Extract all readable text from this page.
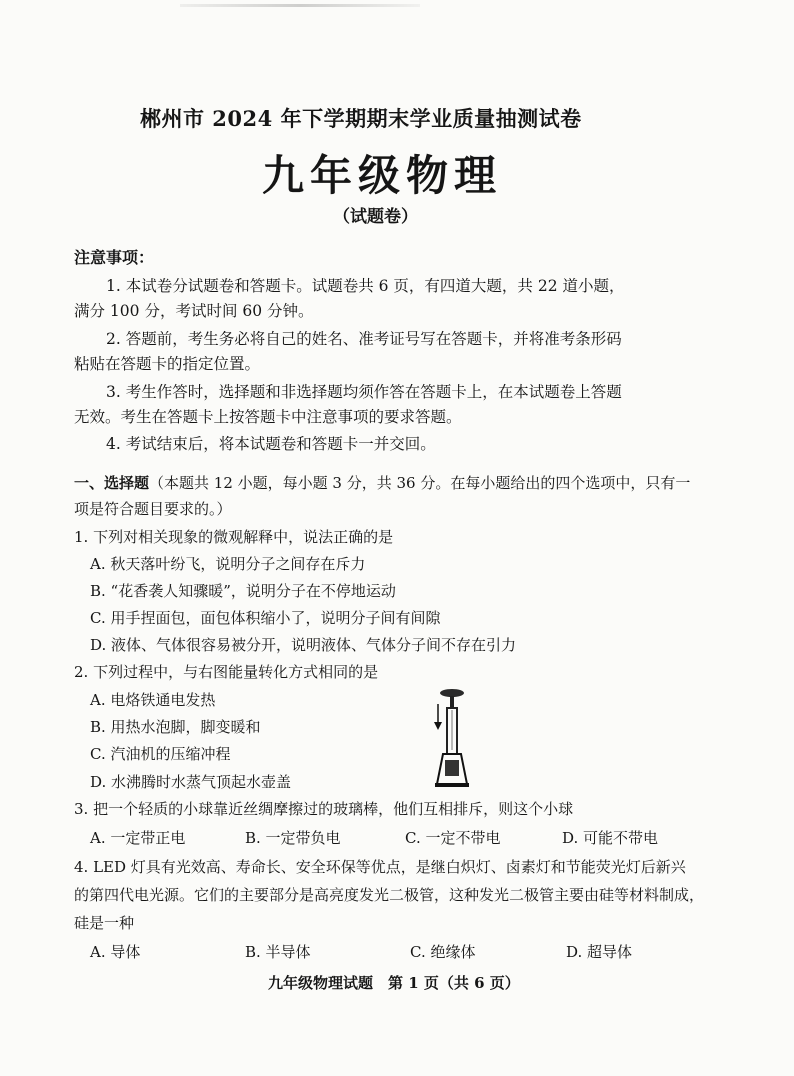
郴州市 2024 年下学期期末学业质量抽测试卷
九年级物理
（试题卷）
注意事项：
1. 本试卷分试题卷和答题卡。试题卷共 6 页，有四道大题，共 22 道小题，
满分 100 分，考试时间 60 分钟。
2. 答题前，考生务必将自己的姓名、准考证号写在答题卡，并将准考条形码
粘贴在答题卡的指定位置。
3. 考生作答时，选择题和非选择题均须作答在答题卡上，在本试题卷上答题
无效。考生在答题卡上按答题卡中注意事项的要求答题。
4. 考试结束后，将本试题卷和答题卡一并交回。
一、选择题（本题共 12 小题，每小题 3 分，共 36 分。在每小题给出的四个选项中，只有一
项是符合题目要求的。）
1. 下列对相关现象的微观解释中，说法正确的是
A. 秋天落叶纷飞，说明分子之间存在斥力
B. “花香袭人知骤暖”，说明分子在不停地运动
C. 用手捏面包，面包体积缩小了，说明分子间有间隙
D. 液体、气体很容易被分开，说明液体、气体分子间不存在引力
2. 下列过程中，与右图能量转化方式相同的是
A. 电烙铁通电发热
B. 用热水泡脚，脚变暖和
C. 汽油机的压缩冲程
D. 水沸腾时水蒸气顶起水壶盖
3. 把一个轻质的小球靠近丝绸摩擦过的玻璃棒，他们互相排斥，则这个小球
A. 一定带正电	B. 一定带负电	C. 一定不带电	D. 可能不带电
4. LED 灯具有光效高、寿命长、安全环保等优点，是继白炽灯、卤素灯和节能荧光灯后新兴
的第四代电光源。它们的主要部分是高亮度发光二极管，这种发光二极管主要由硅等材料制成，
硅是一种
A. 导体	B. 半导体	C. 绝缘体	D. 超导体
九年级物理试题　第 1 页（共 6 页）
